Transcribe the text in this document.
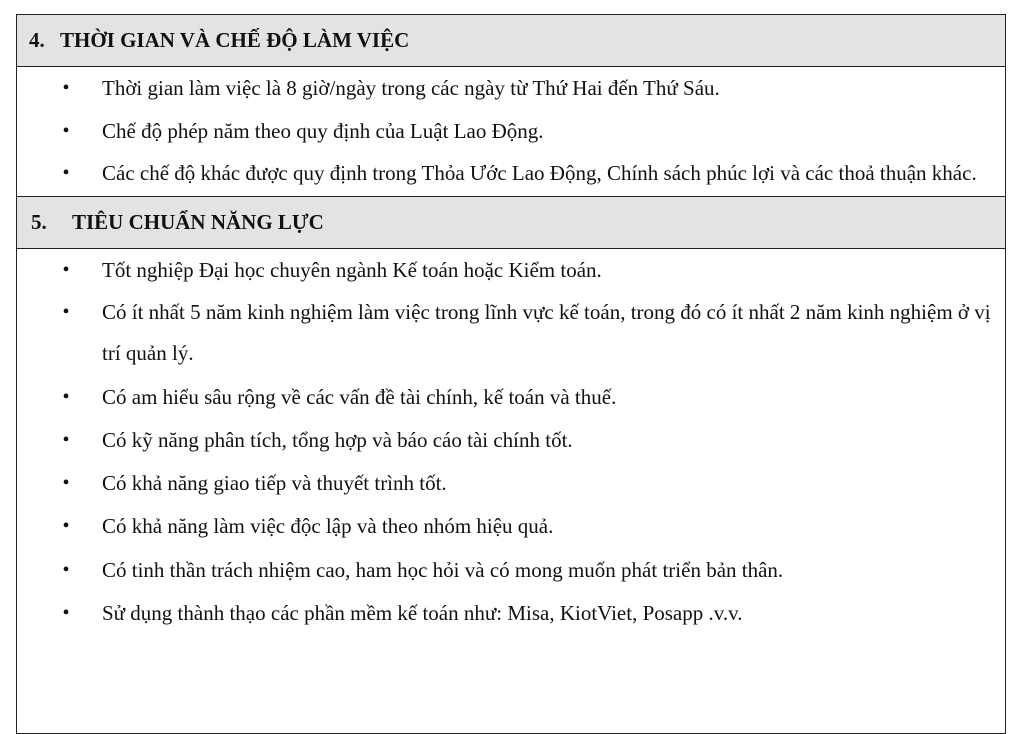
4. THỜI GIAN VÀ CHẾ ĐỘ LÀM VIỆC
• Thời gian làm việc là 8 giờ/ngày trong các ngày từ Thứ Hai đến Thứ Sáu.
• Chế độ phép năm theo quy định của Luật Lao Động.
• Các chế độ khác được quy định trong Thỏa Ước Lao Động, Chính sách phúc lợi và các thoả thuận khác.
5.	TIÊU CHUẨN NĂNG LỰC
• Tốt nghiệp Đại học chuyên ngành Kế toán hoặc Kiểm toán.
• Có ít nhất 5 năm kinh nghiệm làm việc trong lĩnh vực kế toán, trong đó có ít nhất 2 năm kinh nghiệm ở vị trí quản lý.
• Có am hiểu sâu rộng về các vấn đề tài chính, kế toán và thuế.
• Có kỹ năng phân tích, tổng hợp và báo cáo tài chính tốt.
• Có khả năng giao tiếp và thuyết trình tốt.
• Có khả năng làm việc độc lập và theo nhóm hiệu quả.
• Có tinh thần trách nhiệm cao, ham học hỏi và có mong muốn phát triển bản thân.
• Sử dụng thành thạo các phần mềm kế toán như: Misa, KiotViet, Posapp .v.v.
